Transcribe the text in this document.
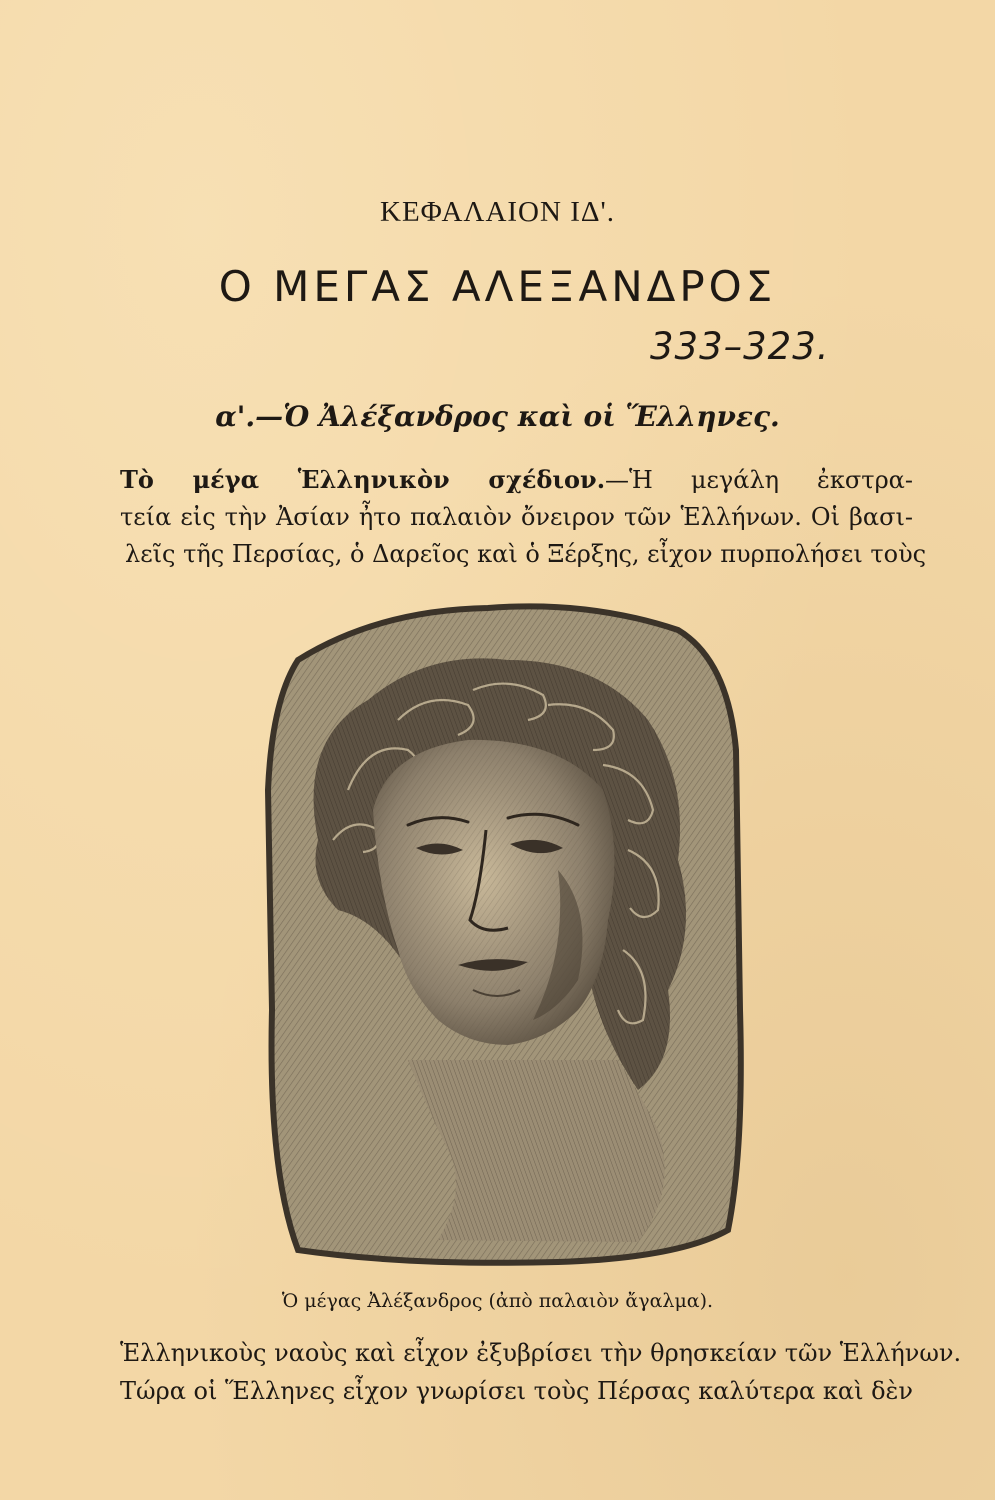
ΚΕΦΑΛΑΙΟΝ ΙΔ'.
Ο ΜΕΓΑΣ ΑΛΕΞΑΝΔΡΟΣ
333–323.
α'.—Ὁ Ἀλέξανδρος καὶ οἱ Ἕλληνες.
Τὸ μέγα Ἑλληνικὸν σχέδιον.—Ἡ μεγάλη ἐκστρα-
τεία εἰς τὴν Ἀσίαν ἦτο παλαιὸν ὄνειρον τῶν Ἑλλήνων. Οἱ βασι-
λεῖς τῆς Περσίας, ὁ Δαρεῖος καὶ ὁ Ξέρξης, εἶχον πυρπολήσει τοὺς
Ὁ μέγας Ἀλέξανδρος (ἀπὸ παλαιὸν ἄγαλμα).
Ἑλληνικοὺς ναοὺς καὶ εἶχον ἐξυβρίσει τὴν θρησκείαν τῶν Ἑλλήνων.
Τώρα οἱ Ἕλληνες εἶχον γνωρίσει τοὺς Πέρσας καλύτερα καὶ δὲν
